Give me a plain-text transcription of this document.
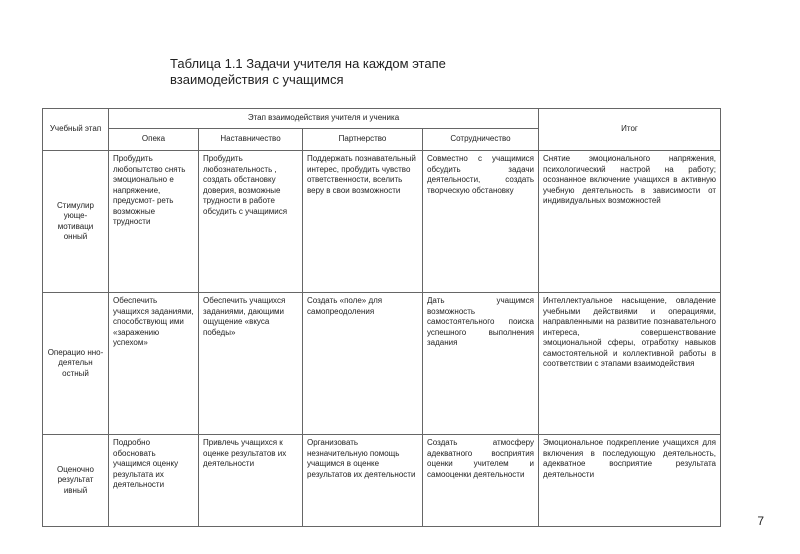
Таблица 1.1 Задачи учителя на каждом этапе
взаимодействия с учащимся
Учебный этап	Этап взаимодействия учителя и ученика				Итог
	Опека	Наставничество	Партнерство	Сотрудничество	
Стимулир ующе- мотиваци онный	Пробудить любопытство снять эмоционально е напряжение, предусмот- реть возможные трудности	Пробудить любознательность , создать обстановку доверия, возможные трудности в работе обсудить с учащимися	Поддержать познавательный интерес, пробудить чувство ответственности, вселить веру в свои возможности	Совместно с учащимися обсудить задачи деятельности, создать творческую обстановку	Снятие эмоционального напряжения, психологический настрой на работу; осознанное включение учащихся в активную учебную деятельность в зависимости от индивидуальных возможностей
Операцио нно- деятельн остный	Обеспечить учащихся заданиями, способствующ ими «заражению успехом»	Обеспечить учащихся заданиями, дающими ощущение «вкуса победы»	Создать «поле» для самопреодоления	Дать учащимся возможность самостоятельного поиска успешного выполнения задания	Интеллектуальное насыщение, овладение учебными действиями и операциями, направленными на развитие познавательного интереса, совершенствование эмоциональной сферы, отработку навыков самостоятельной и коллективной работы в соответствии с этапами взаимодействия
Оценочно результат ивный	Подробно обосновать учащимся оценку результата их деятельности	Привлечь учащихся к оценке результатов их деятельности	Организовать незначительную помощь учащимся в оценке результатов их деятельности	Создать атмосферу адекватного восприятия оценки учителем и самооценки деятельности	Эмоциональное подкрепление учащихся для включения в последующую деятельность, адекватное восприятие результата деятельности
7
